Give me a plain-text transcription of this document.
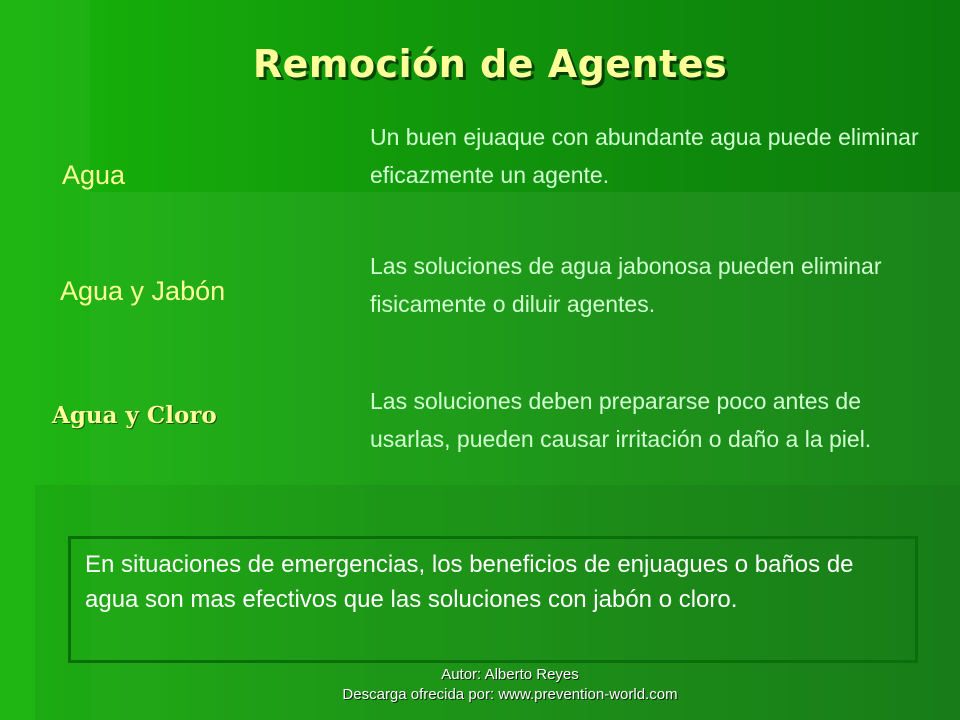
Remoción de Agentes
Agua
Un buen ejuaque con abundante agua puede eliminar eficazmente un agente.
Agua y Jabón
Las soluciones de agua jabonosa pueden eliminar fisicamente o diluir agentes.
Agua y Cloro
Las soluciones deben prepararse poco antes de usarlas, pueden causar irritación o daño a la piel.
En situaciones de emergencias, los beneficios de enjuagues o baños de agua son mas efectivos que las soluciones con jabón o cloro.
Autor: Alberto Reyes
Descarga ofrecida por: www.prevention-world.com
